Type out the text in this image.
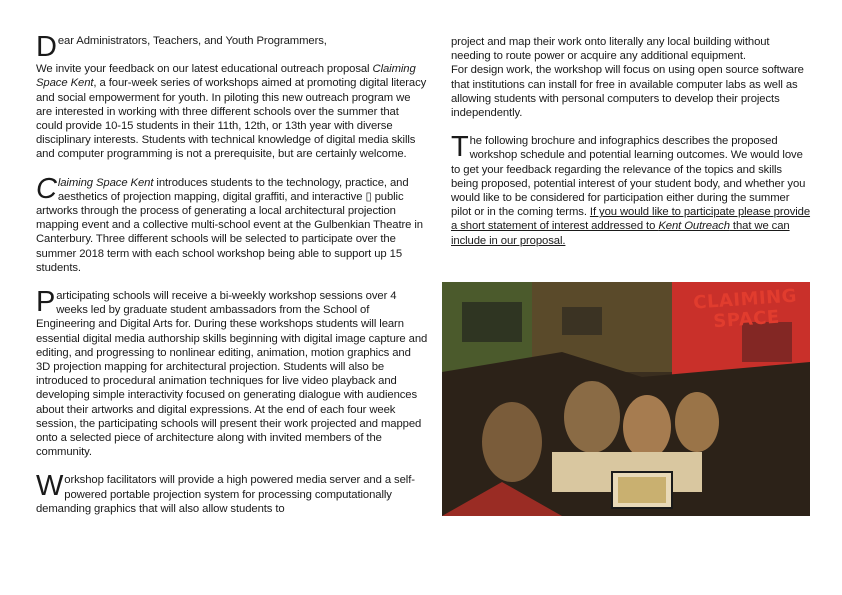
Dear Administrators, Teachers, and Youth Programmers,

We invite your feedback on our latest educational outreach proposal Claiming Space Kent, a four-week series of workshops aimed at promoting digital literacy and social empowerment for youth. In piloting this new outreach program we are interested in working with three different schools over the summer that could provide 10-15 students in their 11th, 12th, or 13th year with diverse disciplinary interests. Students with technical knowledge of digital media skills and computer programming is not a prerequisite, but are certainly welcome.

Claiming Space Kent introduces students to the technology, practice, and aesthetics of projection mapping, digital graffiti, and interactive ▯ public artworks through the process of generating a local architectural projection mapping event and a collective multi-school event at the Gulbenkian Theatre in Canterbury. Three different schools will be selected to participate over the summer 2018 term with each school workshop being able to support up 15 students.

Participating schools will receive a bi-weekly workshop sessions over 4 weeks led by graduate student ambassadors from the School of Engineering and Digital Arts for. During these workshops students will learn essential digital media authorship skills beginning with digital image capture and editing, and progressing to nonlinear editing, animation, motion graphics and 3D projection mapping for architectural projection. Students will also be introduced to procedural animation techniques for live video playback and developing simple interactivity focused on generating dialogue with audiences about their artworks and digital expressions. At the end of each four week session, the participating schools will present their work projected and mapped onto a selected piece of architecture along with invited members of the community.

Workshop facilitators will provide a high powered media server and a self-powered portable projection system for processing computationally demanding graphics that will also allow students to

project and map their work onto literally any local building without needing to route power or acquire any additional equipment.

For design work, the workshop will focus on using open source software that institutions can install for free in available computer labs as well as allowing students with personal computers to develop their projects independently.

The following brochure and infographics describes the proposed workshop schedule and potential learning outcomes. We would love to get your feedback regarding the relevance of the topics and skills being proposed, potential interest of your student body, and whether you would like to be considered for participation either during the summer pilot or in the coming terms. If you would like to participate please provide a short statement of interest addressed to Kent Outreach that we can include in our proposal.

CLAIMING
SPACE
